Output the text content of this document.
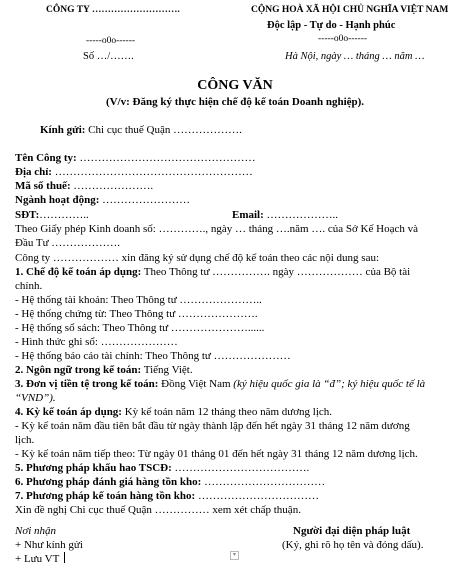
CÔNG TY ……………………….	CỘNG HOÀ XÃ HỘI CHỦ NGHĨA VIỆT NAM
Độc lập - Tự do - Hạnh phúc
-----o0o------	-----o0o------
Số …/…….	Hà Nội, ngày … tháng … năm …
CÔNG VĂN
(V/v: Đăng ký thực hiện chế độ kế toán Doanh nghiệp).
Kính gửi: Chi cục thuế Quận ……………….
Tên Công ty: …………………………………………
Địa chỉ: ………………………………………………
Mã số thuế: ………………….
Ngành hoạt động: ……………………
SĐT:…………..	Email: ………………..
Theo Giấy phép Kinh doanh số: …………., ngày … tháng ….năm …. của Sở Kế Hoạch và
Đầu Tư ……………….
Công ty ……………… xin đăng ký sử dụng chế độ kế toán theo các nội dung sau:
1. Chế độ kế toán áp dụng: Theo Thông tư ……………. ngày ……………… của Bộ tài
chính.
- Hệ thống tài khoản: Theo Thông tư …………………..
- Hệ thống chứng từ: Theo Thông tư ………………….
- Hệ thống sổ sách: Theo Thông tư …………………......
- Hình thức ghi sổ: …………………
- Hệ thống báo cáo tài chính: Theo Thông tư …………………
2. Ngôn ngữ trong kế toán: Tiếng Việt.
3. Đơn vị tiền tệ trong kế toán: Đồng Việt Nam (ký hiệu quốc gia là “đ”; ký hiệu quốc tế là
“VND”).
4. Kỳ kế toán áp dụng: Kỳ kế toán năm 12 tháng theo năm dương lịch.
- Kỳ kế toán năm đầu tiên bắt đầu từ ngày thành lập đến hết ngày 31 tháng 12 năm dương
lịch.
- Kỳ kế toán năm tiếp theo: Từ ngày 01 tháng 01 đến hết ngày 31 tháng 12 năm dương lịch.
5. Phương pháp khấu hao TSCĐ: ……………………………….
6. Phương pháp đánh giá hàng tồn kho: ……………………………
7. Phương pháp kế toán hàng tồn kho: ……………………………
Xin đề nghị Chi cục thuế Quận …………… xem xét chấp thuận.
Nơi nhận
+ Như kính gửi
+ Lưu VT	▾
Người đại diện pháp luật
(Ký, ghi rõ họ tên và đóng dấu).
